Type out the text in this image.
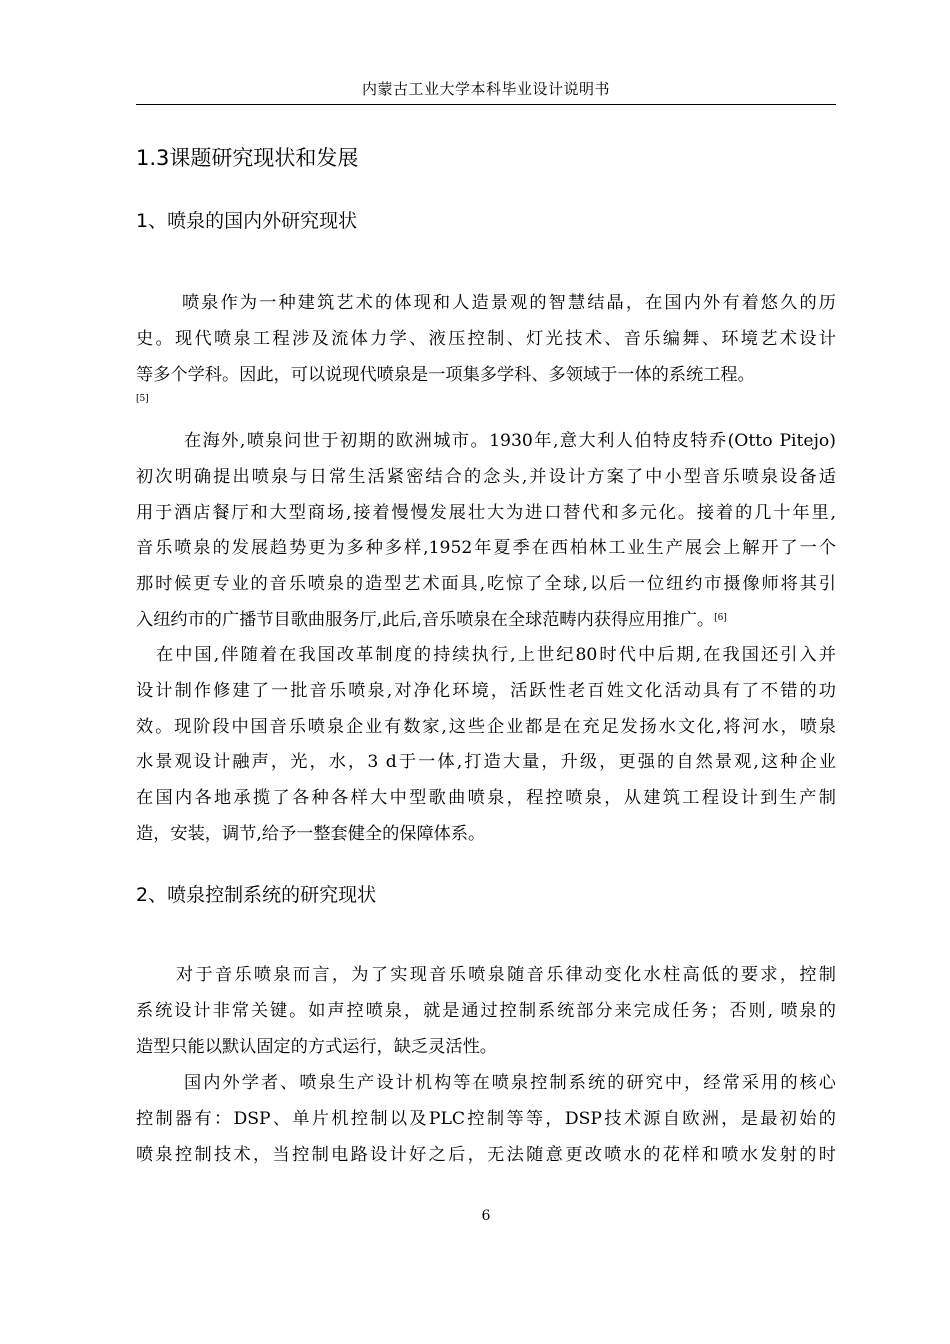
内蒙古工业大学本科毕业设计说明书
1.3课题研究现状和发展
1、喷泉的国内外研究现状
喷泉作为一种建筑艺术的体现和人造景观的智慧结晶，在国内外有着悠久的历
史。现代喷泉工程涉及流体力学、液压控制、灯光技术、音乐编舞、环境艺术设计
等多个学科。因此，可以说现代喷泉是一项集多学科、多领域于一体的系统工程。
[5]
在海外,喷泉问世于初期的欧洲城市。1930年,意大利人伯特皮特乔(Otto Pitejo)
初次明确提出喷泉与日常生活紧密结合的念头,并设计方案了中小型音乐喷泉设备适
用于酒店餐厅和大型商场,接着慢慢发展壮大为进口替代和多元化。接着的几十年里,
音乐喷泉的发展趋势更为多种多样,1952年夏季在西柏林工业生产展会上解开了一个
那时候更专业的音乐喷泉的造型艺术面具,吃惊了全球,以后一位纽约市摄像师将其引
入纽约市的广播节目歌曲服务厅,此后,音乐喷泉在全球范畴内获得应用推广。[6]
在中国,伴随着在我国改革制度的持续执行,上世纪80时代中后期,在我国还引入并
设计制作修建了一批音乐喷泉,对净化环境，活跃性老百姓文化活动具有了不错的功
效。现阶段中国音乐喷泉企业有数家,这些企业都是在充足发扬水文化,将河水，喷泉
水景观设计融声，光，水，3 d于一体,打造大量，升级，更强的自然景观,这种企业
在国内各地承揽了各种各样大中型歌曲喷泉，程控喷泉，从建筑工程设计到生产制
造，安装，调节,给予一整套健全的保障体系。
2、喷泉控制系统的研究现状
对于音乐喷泉而言，为了实现音乐喷泉随音乐律动变化水柱高低的要求，控制
系统设计非常关键。如声控喷泉，就是通过控制系统部分来完成任务；否则, 喷泉的
造型只能以默认固定的方式运行，缺乏灵活性。
国内外学者、喷泉生产设计机构等在喷泉控制系统的研究中，经常采用的核心
控制器有：DSP、单片机控制以及PLC控制等等，DSP技术源自欧洲，是最初始的
喷泉控制技术，当控制电路设计好之后，无法随意更改喷水的花样和喷水发射的时
6
